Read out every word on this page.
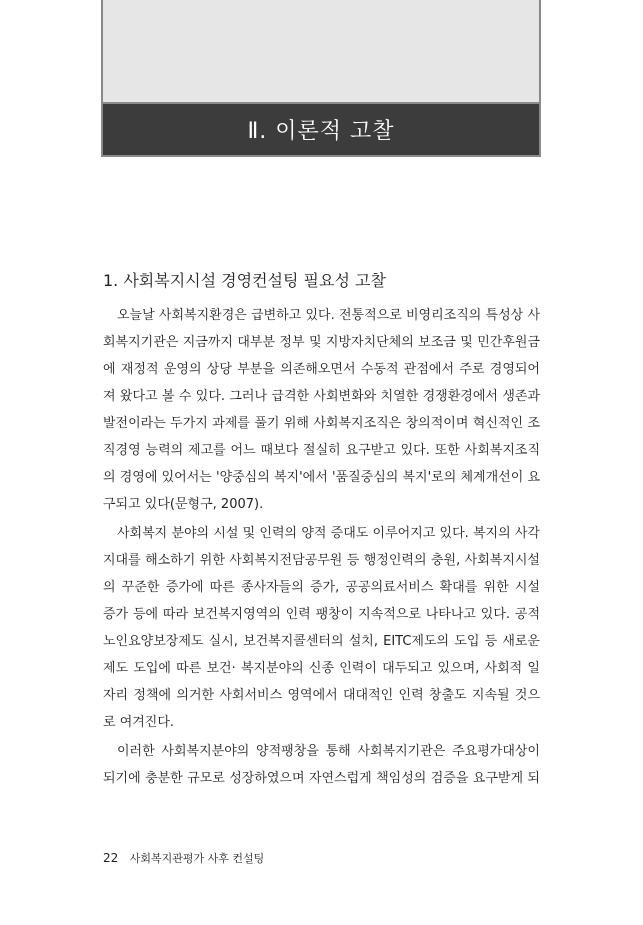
Ⅱ. 이론적 고찰
1. 사회복지시설 경영컨설팅 필요성 고찰
오늘날 사회복지환경은 급변하고 있다. 전통적으로 비영리조직의 특성상 사
회복지기관은 지금까지 대부분 정부 및 지방자치단체의 보조금 및 민간후원금
에 재정적 운영의 상당 부분을 의존해오면서 수동적 관점에서 주로 경영되어
져 왔다고 볼 수 있다. 그러나 급격한 사회변화와 치열한 경쟁환경에서 생존과
발전이라는 두가지 과제를 풀기 위해 사회복지조직은 창의적이며 혁신적인 조
직경영 능력의 제고를 어느 때보다 절실히 요구받고 있다. 또한 사회복지조직
의 경영에 있어서는 '양중심의 복지'에서 '품질중심의 복지'로의 체계개선이 요
구되고 있다(문형구, 2007).
사회복지 분야의 시설 및 인력의 양적 증대도 이루어지고 있다. 복지의 사각
지대를 해소하기 위한 사회복지전담공무원 등 행정인력의 충원, 사회복지시설
의 꾸준한 증가에 따른 종사자들의 증가, 공공의료서비스 확대를 위한 시설
증가 등에 따라 보건복지영역의 인력 팽창이 지속적으로 나타나고 있다. 공적
노인요양보장제도 실시, 보건복지콜센터의 설치, EITC제도의 도입 등 새로운
제도 도입에 따른 보건· 복지분야의 신종 인력이 대두되고 있으며, 사회적 일
자리 정책에 의거한 사회서비스 영역에서 대대적인 인력 창출도 지속될 것으
로 여겨진다.
이러한 사회복지분야의 양적팽창을 통해 사회복지기관은 주요평가대상이
되기에 충분한 규모로 성장하였으며 자연스럽게 책임성의 검증을 요구받게 되
22 사회복지관평가 사후 컨설팅
